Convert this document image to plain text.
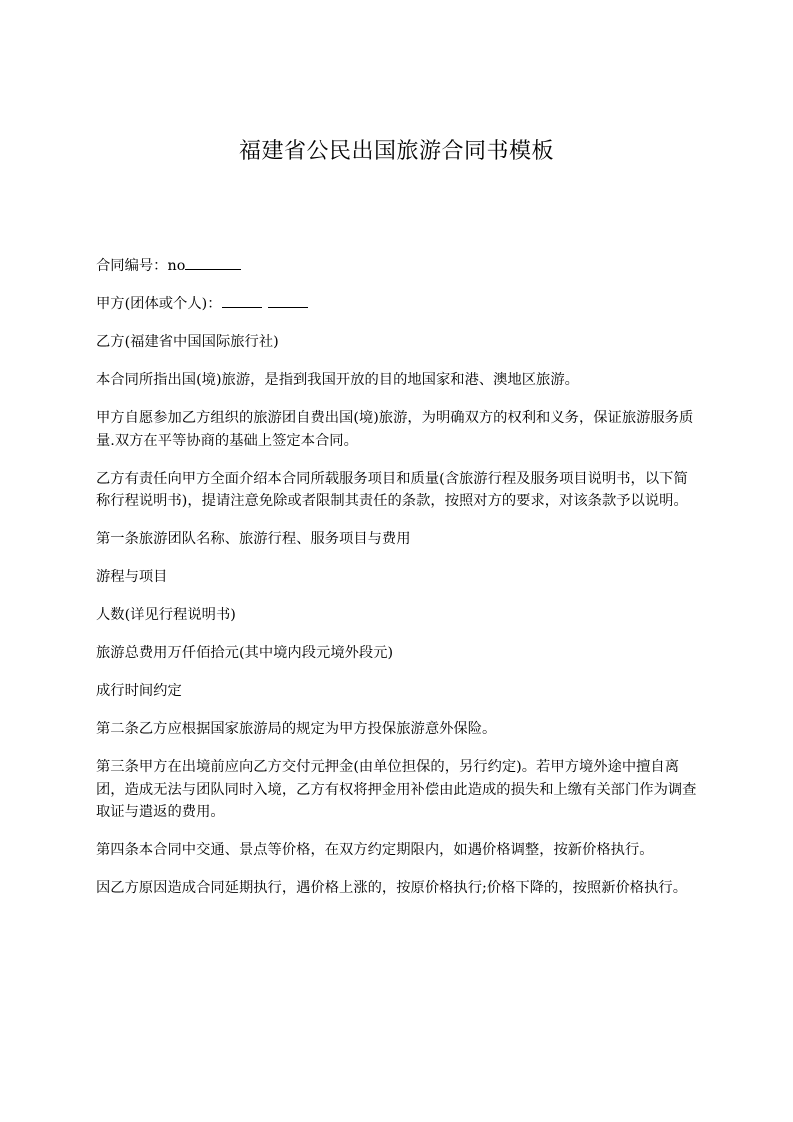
福建省公民出国旅游合同书模板
合同编号：no
甲方(团体或个人)：
乙方(福建省中国国际旅行社)
本合同所指出国(境)旅游，是指到我国开放的目的地国家和港、澳地区旅游。
甲方自愿参加乙方组织的旅游团自费出国(境)旅游，为明确双方的权利和义务，保证旅游服务质量.双方在平等协商的基础上签定本合同。
乙方有责任向甲方全面介绍本合同所载服务项目和质量(含旅游行程及服务项目说明书，以下简称行程说明书)，提请注意免除或者限制其责任的条款，按照对方的要求，对该条款予以说明。
第一条旅游团队名称、旅游行程、服务项目与费用
游程与项目
人数(详见行程说明书)
旅游总费用万仟佰拾元(其中境内段元境外段元)
成行时间约定
第二条乙方应根据国家旅游局的规定为甲方投保旅游意外保险。
第三条甲方在出境前应向乙方交付元押金(由单位担保的，另行约定)。若甲方境外途中擅自离团，造成无法与团队同时入境，乙方有权将押金用补偿由此造成的损失和上缴有关部门作为调查取证与遣返的费用。
第四条本合同中交通、景点等价格，在双方约定期限内，如遇价格调整，按新价格执行。
因乙方原因造成合同延期执行，遇价格上涨的，按原价格执行;价格下降的，按照新价格执行。
